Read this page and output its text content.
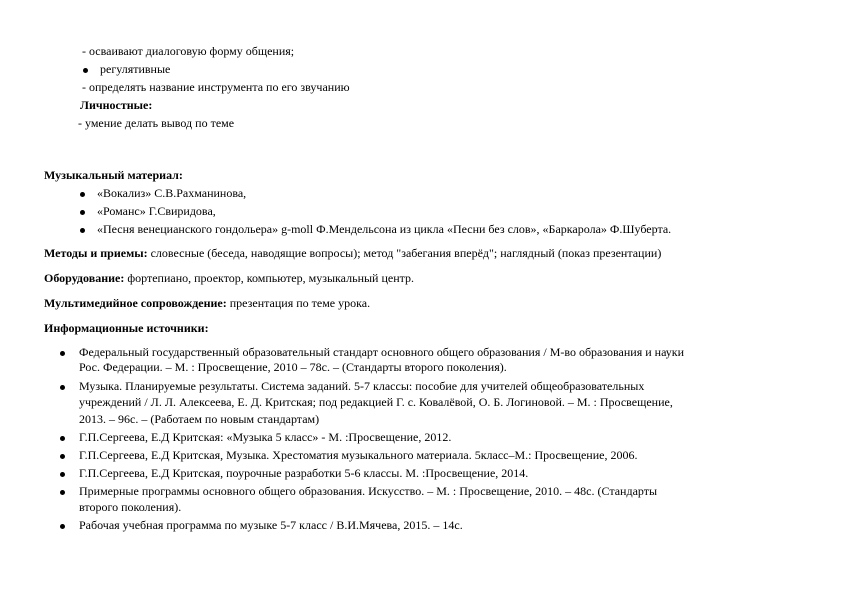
- осваивают диалоговую форму общения;
регулятивные
- определять название инструмента по его звучанию
Личностные:
- умение делать вывод по теме
Музыкальный материал:
«Вокализ» С.В.Рахманинова,
«Романс» Г.Свиридова,
«Песня венецианского гондольера» g-moll Ф.Мендельсона из цикла «Песни без слов», «Баркарола» Ф.Шуберта.
Методы и приемы: словесные (беседа, наводящие вопросы); метод "забегания вперёд"; наглядный (показ презентации)
Оборудование: фортепиано, проектор, компьютер, музыкальный центр.
Мультимедийное сопровождение: презентация по теме урока.
Информационные источники:
Федеральный государственный образовательный стандарт основного общего образования / М-во образования и науки
Рос. Федерации. – М. : Просвещение, 2010 – 78с. – (Стандарты второго поколения).
Музыка. Планируемые результаты. Система заданий. 5-7 классы: пособие для учителей общеобразовательных
учреждений / Л. Л. Алексеева, Е. Д. Критская; под редакцией Г. с. Ковалёвой, О. Б. Логиновой. – М. : Просвещение,
2013. – 96с. – (Работаем по новым стандартам)
Г.П.Сергеева, Е.Д Критская: «Музыка 5 класс» - М. :Просвещение, 2012.
Г.П.Сергеева, Е.Д Критская, Музыка. Хрестоматия музыкального материала. 5класс–М.: Просвещение, 2006.
Г.П.Сергеева, Е.Д Критская, поурочные разработки 5-6 классы. М. :Просвещение, 2014.
Примерные программы основного общего образования. Искусство. – М. : Просвещение, 2010. – 48с. (Стандарты
второго поколения).
Рабочая учебная программа по музыке 5-7 класс / В.И.Мячева, 2015. – 14с.
